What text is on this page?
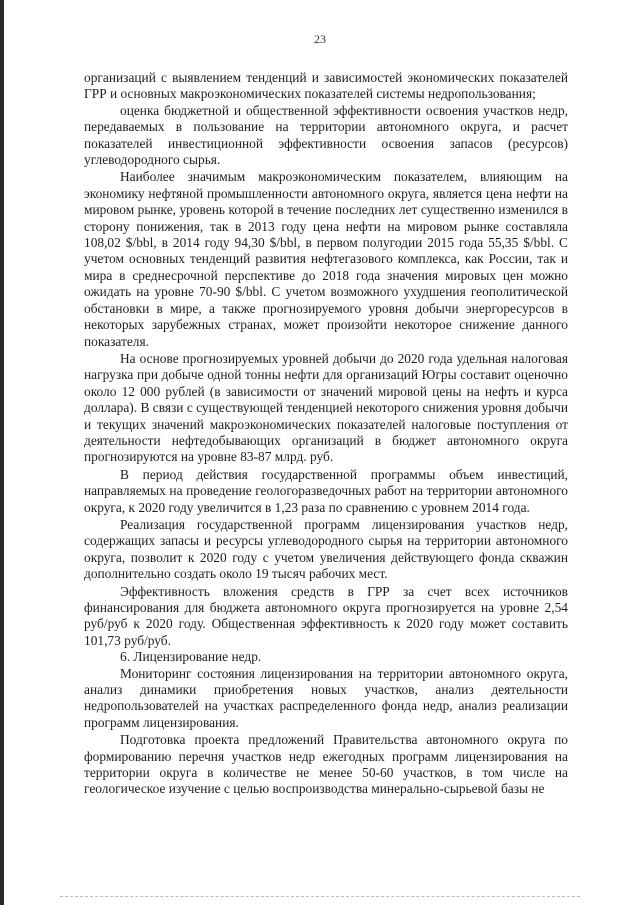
23

организаций с выявлением тенденций и зависимостей экономических показателей ГРР и основных макроэкономических показателей системы недропользования;

оценка бюджетной и общественной эффективности освоения участков недр, передаваемых в пользование на территории автономного округа, и расчет показателей инвестиционной эффективности освоения запасов (ресурсов) углеводородного сырья.

Наиболее значимым макроэкономическим показателем, влияющим на экономику нефтяной промышленности автономного округа, является цена нефти на мировом рынке, уровень которой в течение последних лет существенно изменился в сторону понижения, так в 2013 году цена нефти на мировом рынке составляла 108,02 $/bbl, в 2014 году 94,30 $/bbl, в первом полугодии 2015 года 55,35 $/bbl. С учетом основных тенденций развития нефтегазового комплекса, как России, так и мира в среднесрочной перспективе до 2018 года значения мировых цен можно ожидать на уровне 70-90 $/bbl. С учетом возможного ухудшения геополитической обстановки в мире, а также прогнозируемого уровня добычи энергоресурсов в некоторых зарубежных странах, может произойти некоторое снижение данного показателя.

На основе прогнозируемых уровней добычи до 2020 года удельная налоговая нагрузка при добыче одной тонны нефти для организаций Югры составит оценочно около 12 000 рублей (в зависимости от значений мировой цены на нефть и курса доллара). В связи с существующей тенденцией некоторого снижения уровня добычи и текущих значений макроэкономических показателей налоговые поступления от деятельности нефтедобывающих организаций в бюджет автономного округа прогнозируются на уровне 83-87 млрд. руб.

В период действия государственной программы объем инвестиций, направляемых на проведение геологоразведочных работ на территории автономного округа, к 2020 году увеличится в 1,23 раза по сравнению с уровнем 2014 года.

Реализация государственной программ лицензирования участков недр, содержащих запасы и ресурсы углеводородного сырья на территории автономного округа, позволит к 2020 году с учетом увеличения действующего фонда скважин дополнительно создать около 19 тысяч рабочих мест.

Эффективность вложения средств в ГРР за счет всех источников финансирования для бюджета автономного округа прогнозируется на уровне 2,54 руб/руб к 2020 году. Общественная эффективность к 2020 году может составить 101,73 руб/руб.

6. Лицензирование недр.

Мониторинг состояния лицензирования на территории автономного округа, анализ динамики приобретения новых участков, анализ деятельности недропользователей на участках распределенного фонда недр, анализ реализации программ лицензирования.

Подготовка проекта предложений Правительства автономного округа по формированию перечня участков недр ежегодных программ лицензирования на территории округа в количестве не менее 50-60 участков, в том числе на геологическое изучение с целью воспроизводства минерально-сырьевой базы не
